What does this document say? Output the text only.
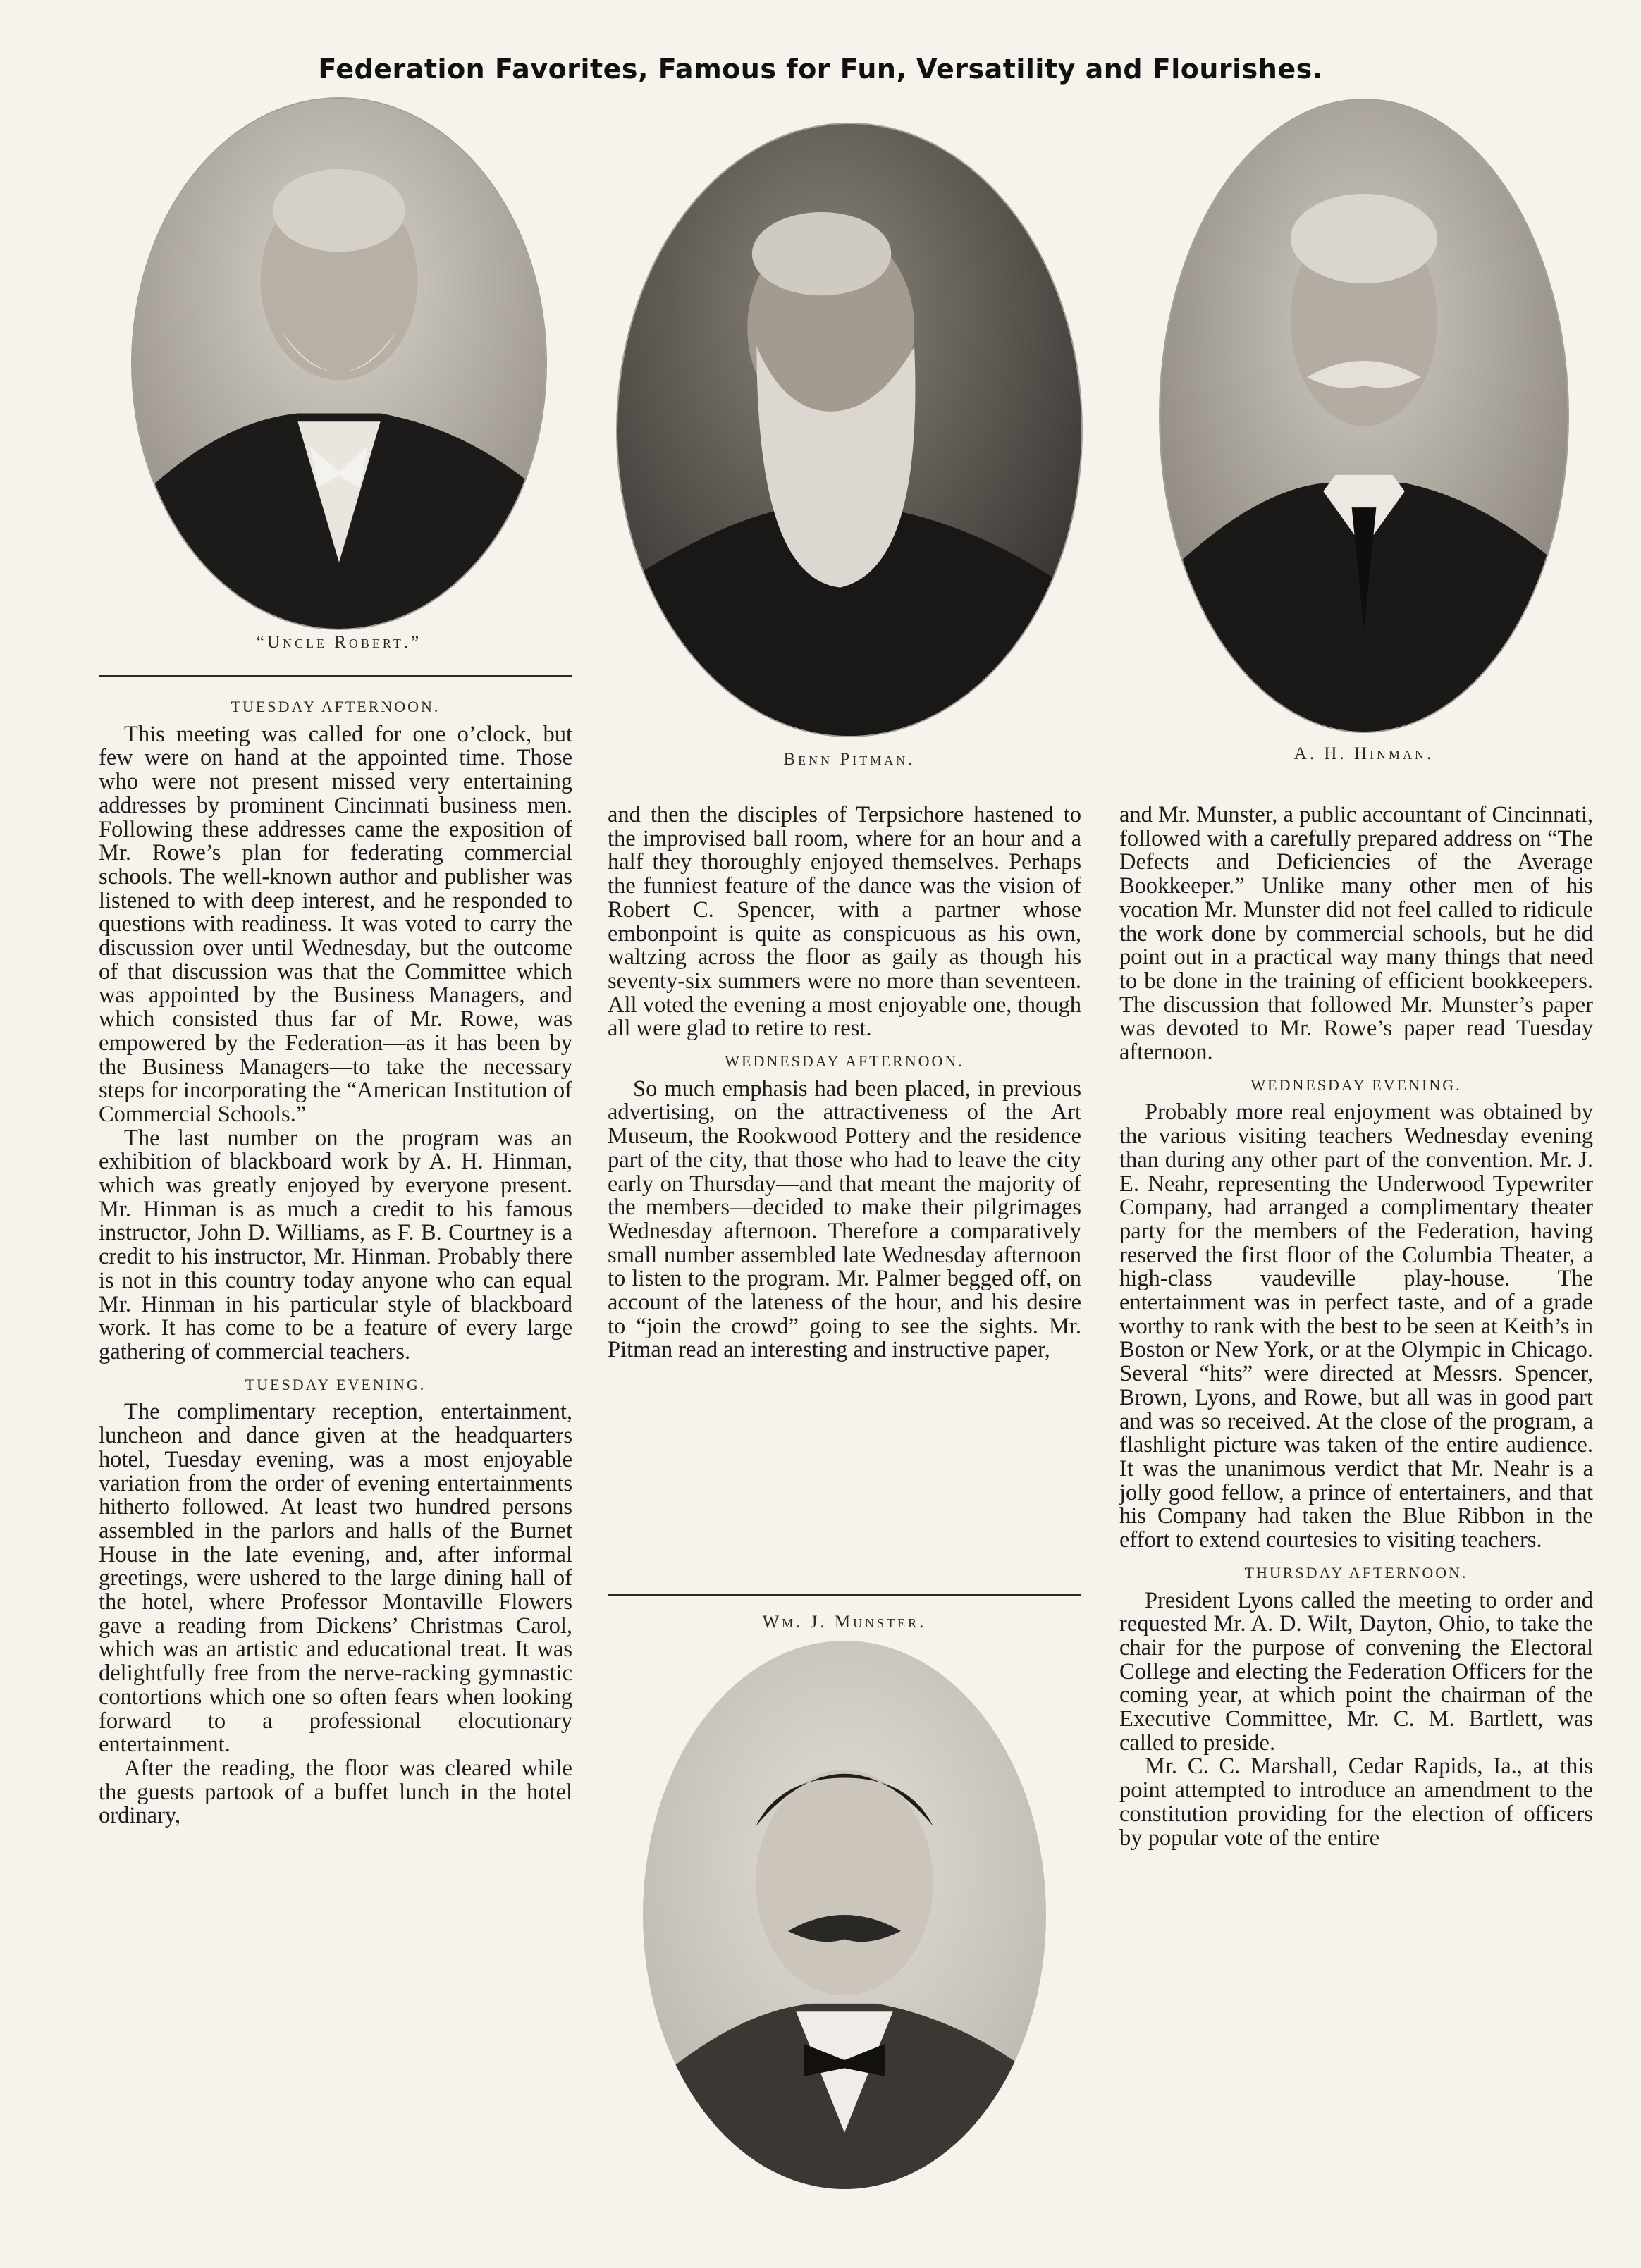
Federation Favorites, Famous for Fun, Versatility and Flourishes.
“Uncle Robert.”
Benn Pitman.	A. H. Hinman.
TUESDAY AFTERNOON.

This meeting was called for one o’clock, but few were on hand at the appointed time. Those who were not present missed very entertaining addresses by prominent Cincinnati business men. Following these addresses came the exposition of Mr. Rowe’s plan for federating commercial schools. The well-known author and publisher was listened to with deep interest, and he responded to questions with readiness. It was voted to carry the discussion over until Wednesday, but the outcome of that discussion was that the Committee which was appointed by the Business Managers, and which consisted thus far of Mr. Rowe, was empowered by the Federation—as it has been by the Business Managers—to take the necessary steps for incorporating the “American Institution of Commercial Schools.”

The last number on the program was an exhibition of blackboard work by A. H. Hinman, which was greatly enjoyed by everyone present. Mr. Hinman is as much a credit to his famous instructor, John D. Williams, as F. B. Courtney is a credit to his instructor, Mr. Hinman. Probably there is not in this country today anyone who can equal Mr. Hinman in his particular style of blackboard work. It has come to be a feature of every large gathering of commercial teachers.

TUESDAY EVENING.

The complimentary reception, entertainment, luncheon and dance given at the headquarters hotel, Tuesday evening, was a most enjoyable variation from the order of evening entertainments hitherto followed. At least two hundred persons assembled in the parlors and halls of the Burnet House in the late evening, and, after informal greetings, were ushered to the large dining hall of the hotel, where Professor Montaville Flowers gave a reading from Dickens’ Christmas Carol, which was an artistic and educational treat. It was delightfully free from the nerve-racking gymnastic contortions which one so often fears when looking forward to a professional elocutionary entertainment.

After the reading, the floor was cleared while the guests partook of a buffet lunch in the hotel ordinary,

and then the disciples of Terpsichore hastened to the improvised ball room, where for an hour and a half they thoroughly enjoyed themselves. Perhaps the funniest feature of the dance was the vision of Robert C. Spencer, with a partner whose embonpoint is quite as conspicuous as his own, waltzing across the floor as gaily as though his seventy-six summers were no more than seventeen. All voted the evening a most enjoyable one, though all were glad to retire to rest.

WEDNESDAY AFTERNOON.

So much emphasis had been placed, in previous advertising, on the attractiveness of the Art Museum, the Rookwood Pottery and the residence part of the city, that those who had to leave the city early on Thursday—and that meant the majority of the members—decided to make their pilgrimages Wednesday afternoon. Therefore a comparatively small number assembled late Wednesday afternoon to listen to the program. Mr. Palmer begged off, on account of the lateness of the hour, and his desire to “join the crowd” going to see the sights. Mr. Pitman read an interesting and instructive paper,

Wm. J. Munster.

and Mr. Munster, a public accountant of Cincinnati, followed with a carefully prepared address on “The Defects and Deficiencies of the Average Bookkeeper.” Unlike many other men of his vocation Mr. Munster did not feel called to ridicule the work done by commercial schools, but he did point out in a practical way many things that need to be done in the training of efficient bookkeepers. The discussion that followed Mr. Munster’s paper was devoted to Mr. Rowe’s paper read Tuesday afternoon.

WEDNESDAY EVENING.

Probably more real enjoyment was obtained by the various visiting teachers Wednesday evening than during any other part of the convention. Mr. J. E. Neahr, representing the Underwood Typewriter Company, had arranged a complimentary theater party for the members of the Federation, having reserved the first floor of the Columbia Theater, a high-class vaudeville play-house. The entertainment was in perfect taste, and of a grade worthy to rank with the best to be seen at Keith’s in Boston or New York, or at the Olympic in Chicago. Several “hits” were directed at Messrs. Spencer, Brown, Lyons, and Rowe, but all was in good part and was so received. At the close of the program, a flashlight picture was taken of the entire audience. It was the unanimous verdict that Mr. Neahr is a jolly good fellow, a prince of entertainers, and that his Company had taken the Blue Ribbon in the effort to extend courtesies to visiting teachers.

THURSDAY AFTERNOON.

President Lyons called the meeting to order and requested Mr. A. D. Wilt, Dayton, Ohio, to take the chair for the purpose of convening the Electoral College and electing the Federation Officers for the coming year, at which point the chairman of the Executive Committee, Mr. C. M. Bartlett, was called to preside.

Mr. C. C. Marshall, Cedar Rapids, Ia., at this point attempted to introduce an amendment to the constitution providing for the election of officers by popular vote of the entire
